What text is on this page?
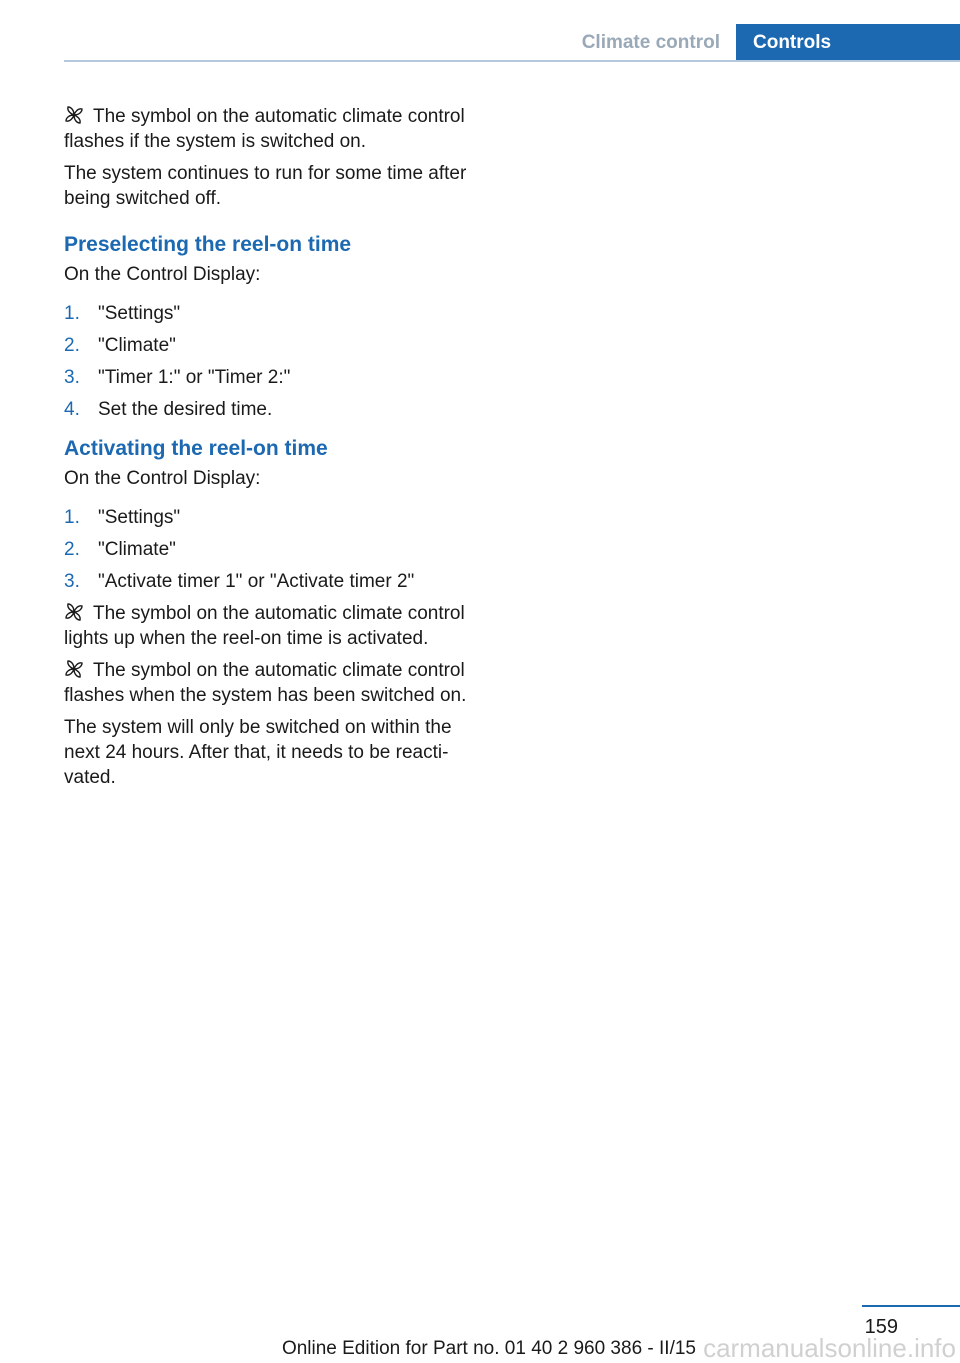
Climate control Controls

The symbol on the automatic climate control flashes if the system is switched on.

The system continues to run for some time after being switched off.

Preselecting the reel-on time
On the Control Display:
1. "Settings"
2. "Climate"
3. "Timer 1:" or "Timer 2:"
4. Set the desired time.
Activating the reel-on time
On the Control Display:
1. "Settings"
2. "Climate"
3. "Activate timer 1" or "Activate timer 2"

The symbol on the automatic climate control lights up when the reel-on time is activated.

The symbol on the automatic climate control flashes when the system has been switched on.

The system will only be switched on within the next 24 hours. After that, it needs to be reactivated.

159
carmanualsonline.info
Online Edition for Part no. 01 40 2 960 386 - II/15
